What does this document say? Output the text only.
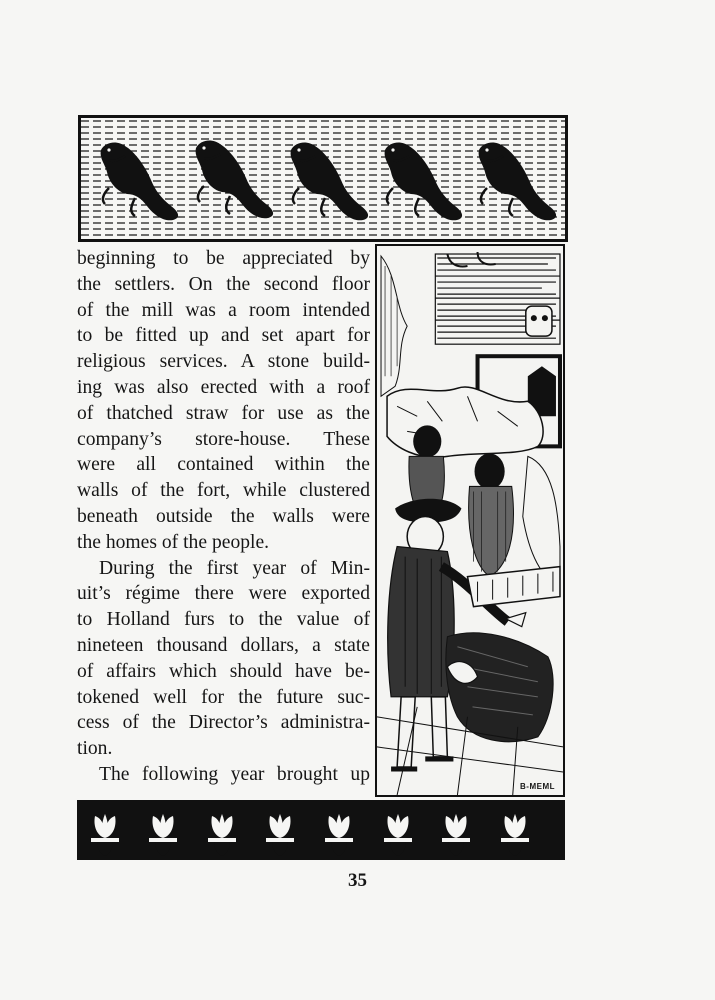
beginning to be appreciated by
the settlers. On the second floor
of the mill was a room intended
to be fitted up and set apart for
religious services. A stone build-
ing was also erected with a roof
of thatched straw for use as the
company’s store-house. These
were all contained within the
walls of the fort, while clustered
beneath outside the walls were
the homes of the people.
During the first year of Min-
uit’s régime there were exported
to Holland furs to the value of
nineteen thousand dollars, a state
of affairs which should have be-
tokened well for the future suc-
cess of the Director’s administra-
tion.
The following year brought up
B-MEML
35
